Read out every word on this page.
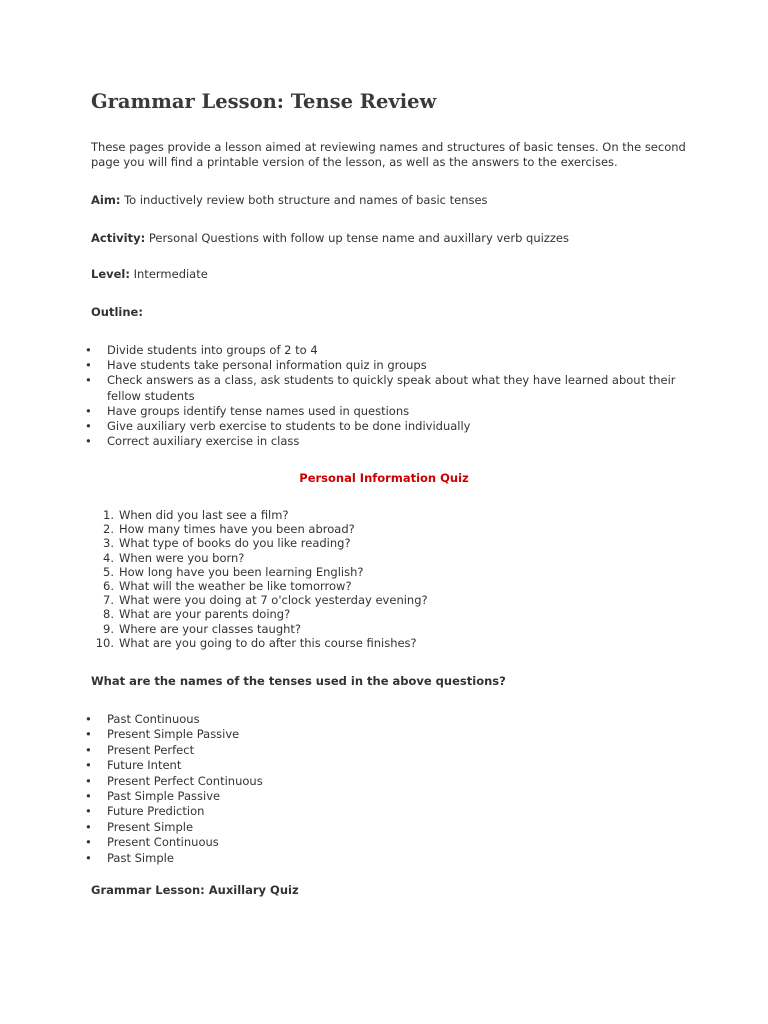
Grammar Lesson: Tense Review

These pages provide a lesson aimed at reviewing names and structures of basic tenses. On the second page you will find a printable version of the lesson, as well as the answers to the exercises.

Aim: To inductively review both structure and names of basic tenses

Activity: Personal Questions with follow up tense name and auxillary verb quizzes

Level: Intermediate

Outline:

• Divide students into groups of 2 to 4
• Have students take personal information quiz in groups
• Check answers as a class, ask students to quickly speak about what they have learned about their fellow students
• Have groups identify tense names used in questions
• Give auxiliary verb exercise to students to be done individually
• Correct auxiliary exercise in class

Personal Information Quiz

1. When did you last see a film?
2. How many times have you been abroad?
3. What type of books do you like reading?
4. When were you born?
5. How long have you been learning English?
6. What will the weather be like tomorrow?
7. What were you doing at 7 o'clock yesterday evening?
8. What are your parents doing?
9. Where are your classes taught?
10. What are you going to do after this course finishes?

What are the names of the tenses used in the above questions?

• Past Continuous
• Present Simple Passive
• Present Perfect
• Future Intent
• Present Perfect Continuous
• Past Simple Passive
• Future Prediction
• Present Simple
• Present Continuous
• Past Simple

Grammar Lesson: Auxillary Quiz
